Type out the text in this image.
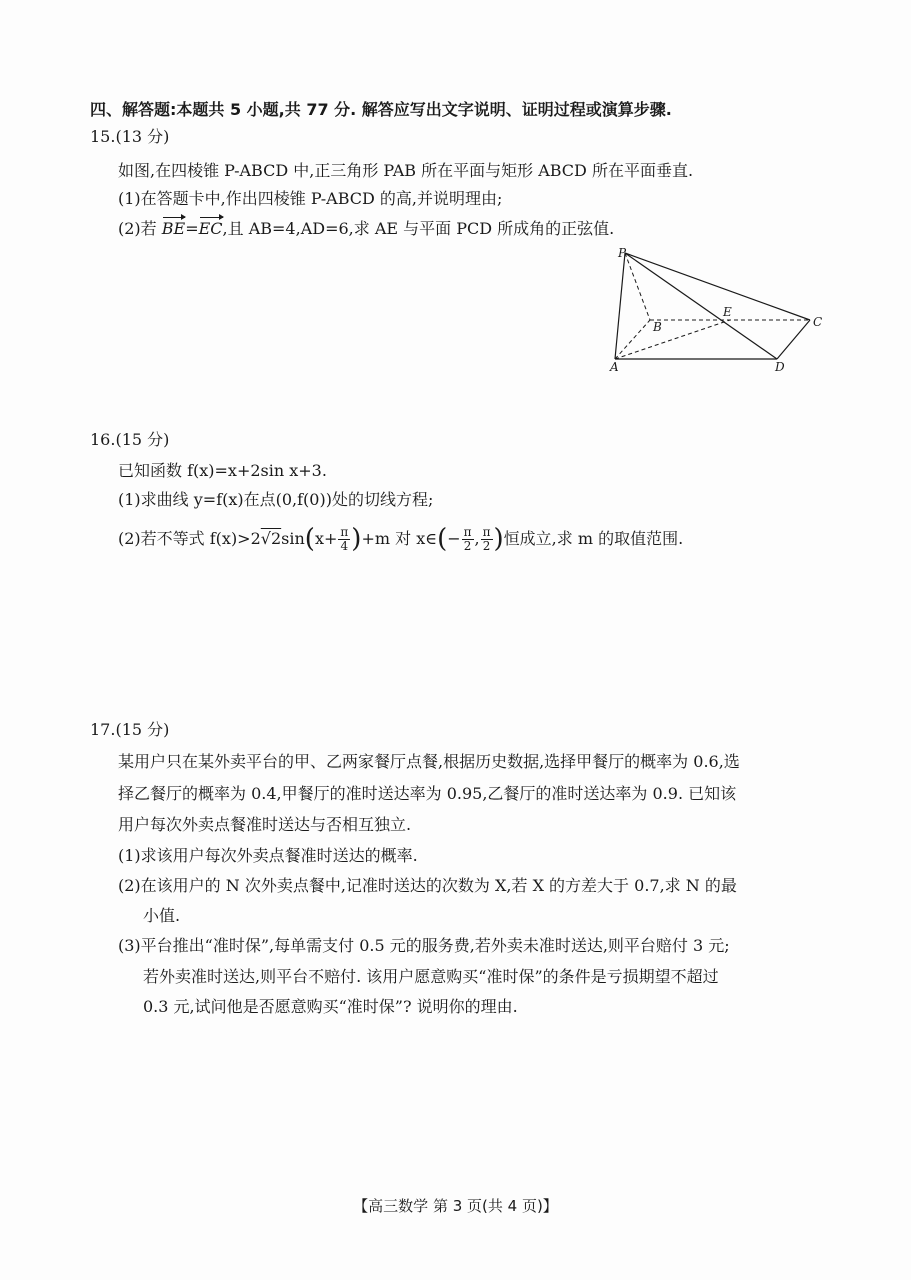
四、解答题:本题共 5 小题,共 77 分. 解答应写出文字说明、证明过程或演算步骤.
15.(13 分)
如图,在四棱锥 P-ABCD 中,正三角形 PAB 所在平面与矩形 ABCD 所在平面垂直.
(1)在答题卡中,作出四棱锥 P-ABCD 的高,并说明理由;
(2)若 BE=EC,且 AB=4,AD=6,求 AE 与平面 PCD 所成角的正弦值.
P
A
B	C
D
E
16.(15 分)
已知函数 f(x)=x+2sin x+3.
(1)求曲线 y=f(x)在点(0,f(0))处的切线方程;
(2)若不等式 $f(x)>2√2\sin(x+ \frac{\pi}{4} )+m$ 对 x∈(− $\frac{\pi}{2}$ , $\frac{\pi}{2}$ )恒成立,求 m 的取值范围.
17.(15 分)
某用户只在某外卖平台的甲、乙两家餐厅点餐,根据历史数据,选择甲餐厅的概率为 0.6,选
择乙餐厅的概率为 0.4,甲餐厅的准时送达率为 0.95,乙餐厅的准时送达率为 0.9. 已知该
用户每次外卖点餐准时送达与否相互独立.
(1)求该用户每次外卖点餐准时送达的概率.
(2)在该用户的 N 次外卖点餐中,记准时送达的次数为 X,若 X 的方差大于 0.7,求 N 的最
小值.
(3)平台推出“准时保”,每单需支付 0.5 元的服务费,若外卖未准时送达,则平台赔付 3 元;
若外卖准时送达,则平台不赔付. 该用户愿意购买“准时保”的条件是亏损期望不超过
0.3 元,试问他是否愿意购买“准时保”? 说明你的理由.
【高三数学 第 3 页(共 4 页)】
